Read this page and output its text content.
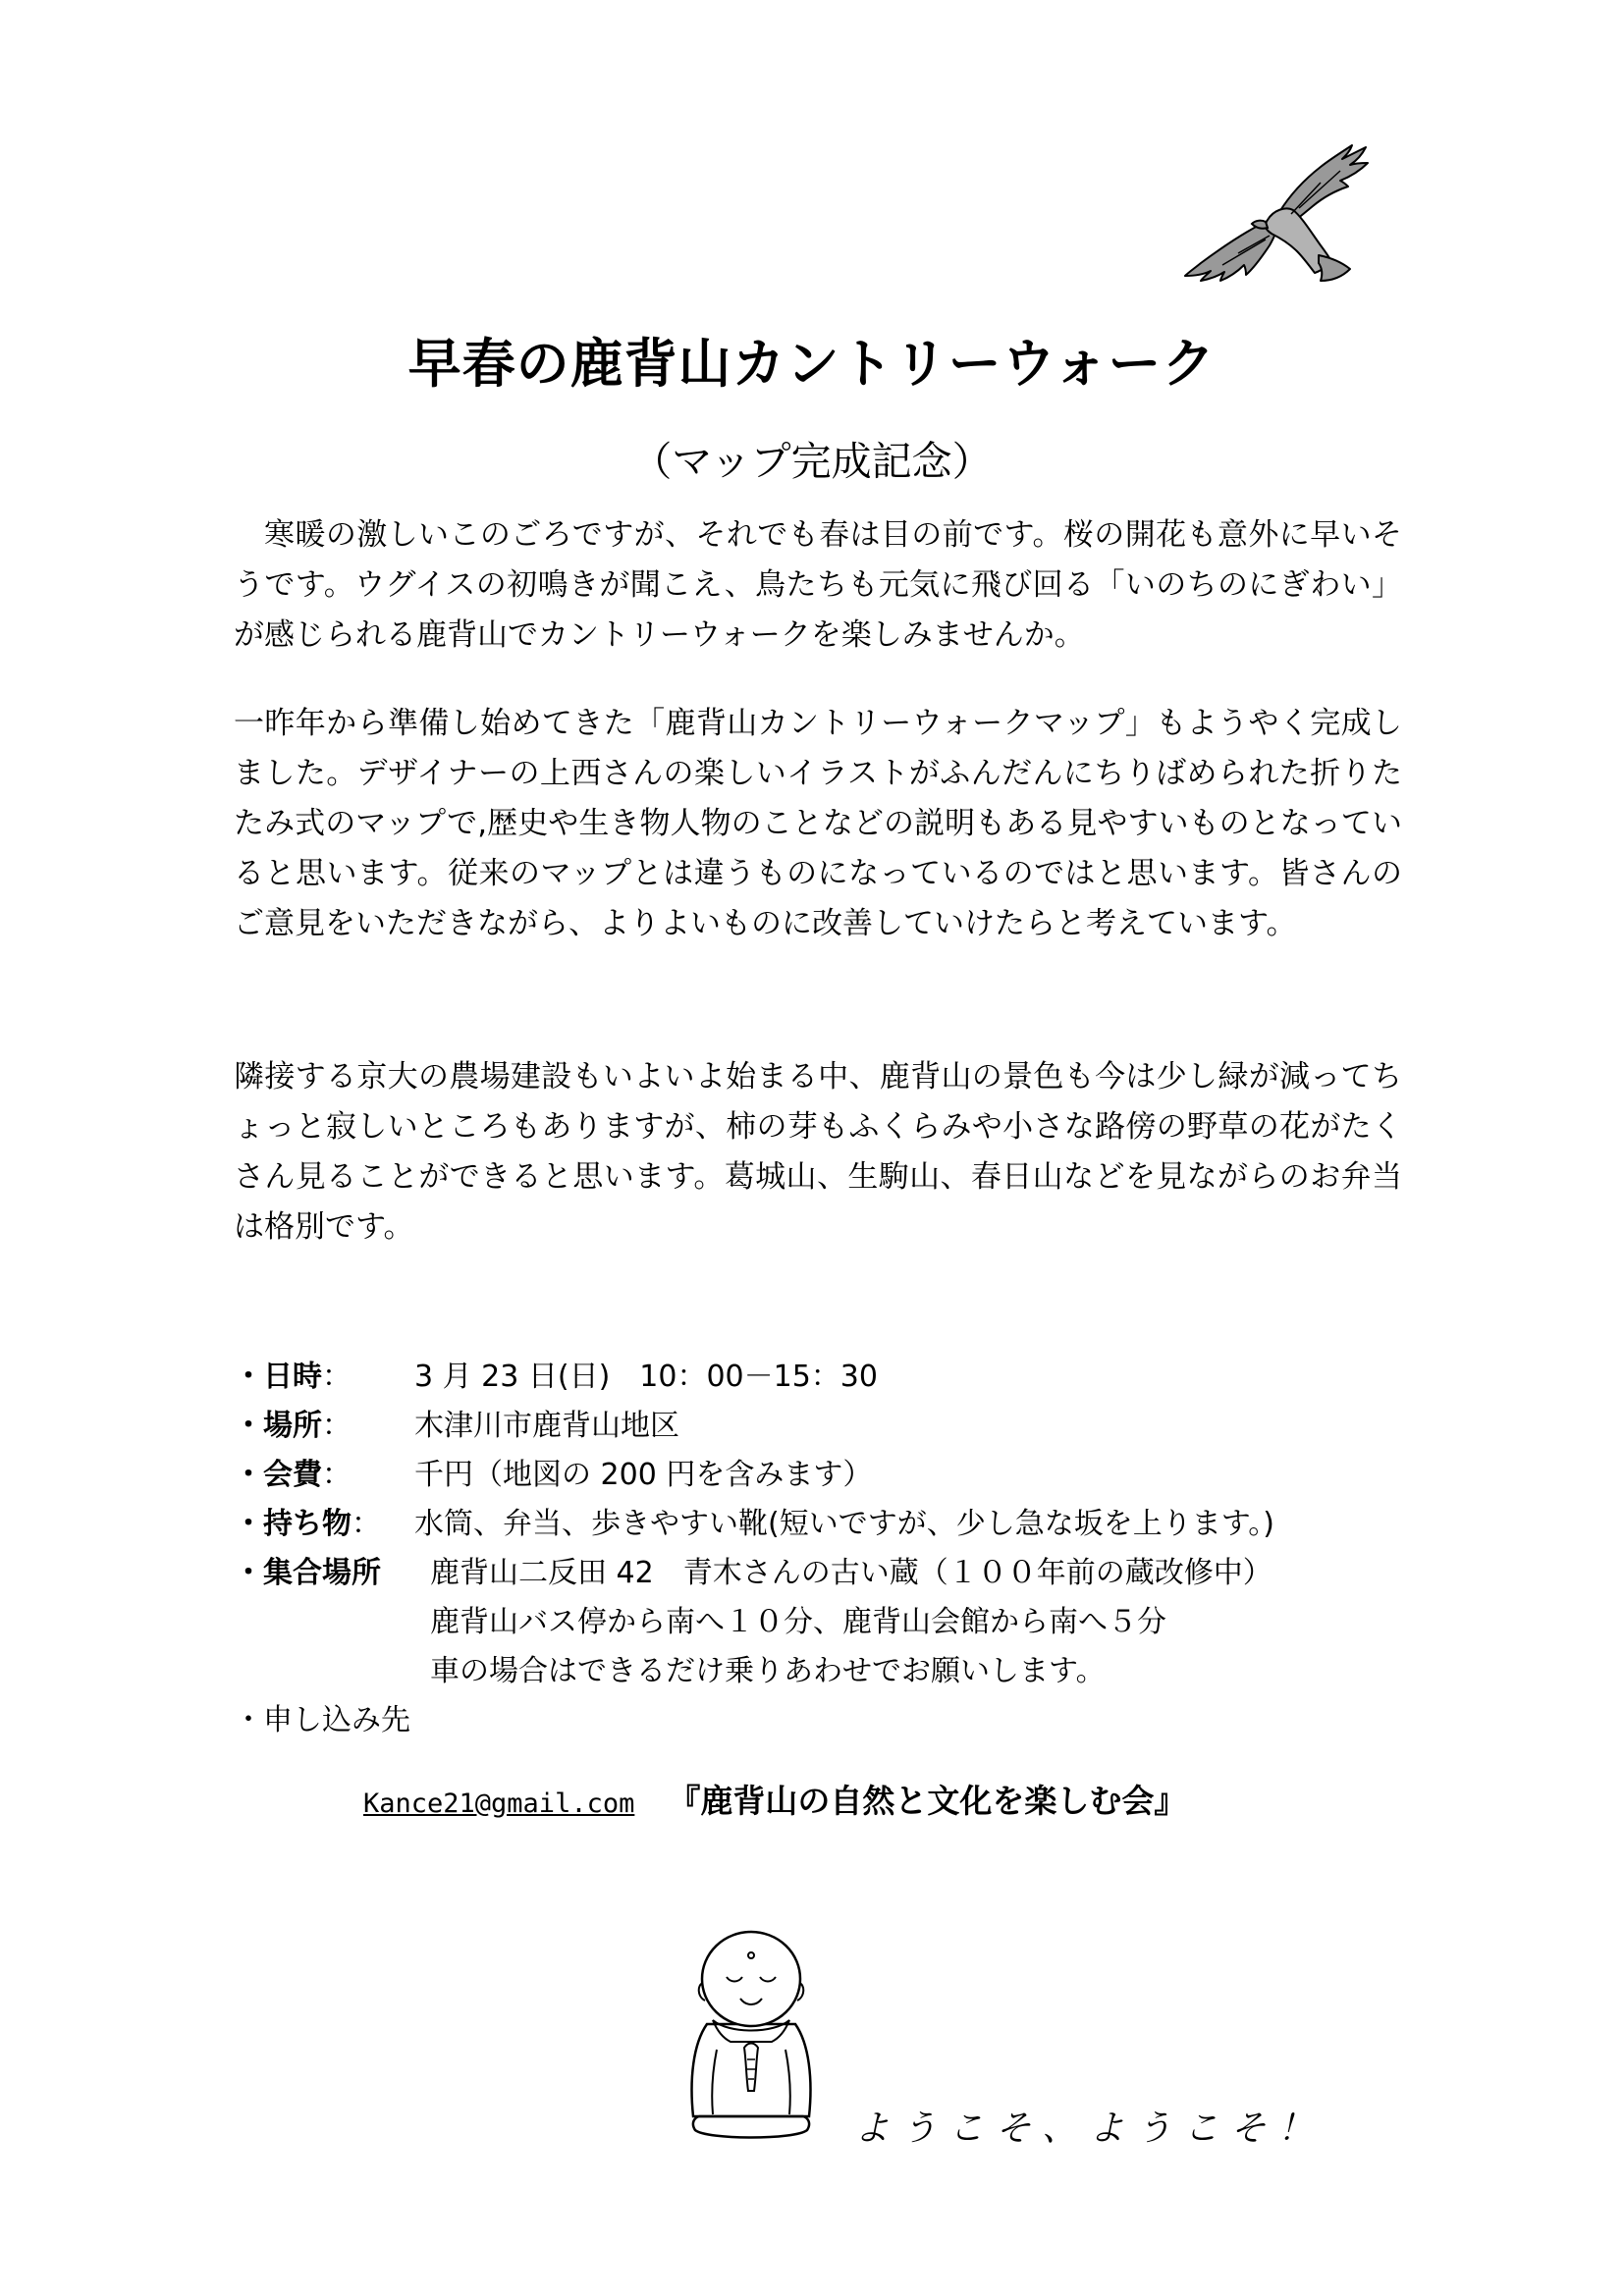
早春の鹿背山カントリーウォーク

（マップ完成記念）

寒暖の激しいこのごろですが、それでも春は目の前です。桜の開花も意外に早いそうです。ウグイスの初鳴きが聞こえ、鳥たちも元気に飛び回る「いのちのにぎわい」が感じられる鹿背山でカントリーウォークを楽しみませんか。

一昨年から準備し始めてきた「鹿背山カントリーウォークマップ」もようやく完成しました。デザイナーの上西さんの楽しいイラストがふんだんにちりばめられた折りたたみ式のマップで,歴史や生き物人物のことなどの説明もある見やすいものとなっていると思います。従来のマップとは違うものになっているのではと思います。皆さんのご意見をいただきながら、よりよいものに改善していけたらと考えています。

隣接する京大の農場建設もいよいよ始まる中、鹿背山の景色も今は少し緑が減ってちょっと寂しいところもありますが、柿の芽もふくらみや小さな路傍の野草の花がたくさん見ることができると思います。葛城山、生駒山、春日山などを見ながらのお弁当は格別です。

・日時： 3 月 23 日(日)　10：00－15：30
・場所： 木津川市鹿背山地区
・会費： 千円（地図の 200 円を含みます）
・持ち物： 水筒、弁当、歩きやすい靴(短いですが、少し急な坂を上ります。)
・集合場所 鹿背山二反田 42　青木さんの古い蔵（１００年前の蔵改修中）
鹿背山バス停から南へ１０分、鹿背山会館から南へ５分
車の場合はできるだけ乗りあわせでお願いします。
・申し込み先
Kance21@gmail.com 『鹿背山の自然と文化を楽しむ会』
ようこそ、ようこそ！
